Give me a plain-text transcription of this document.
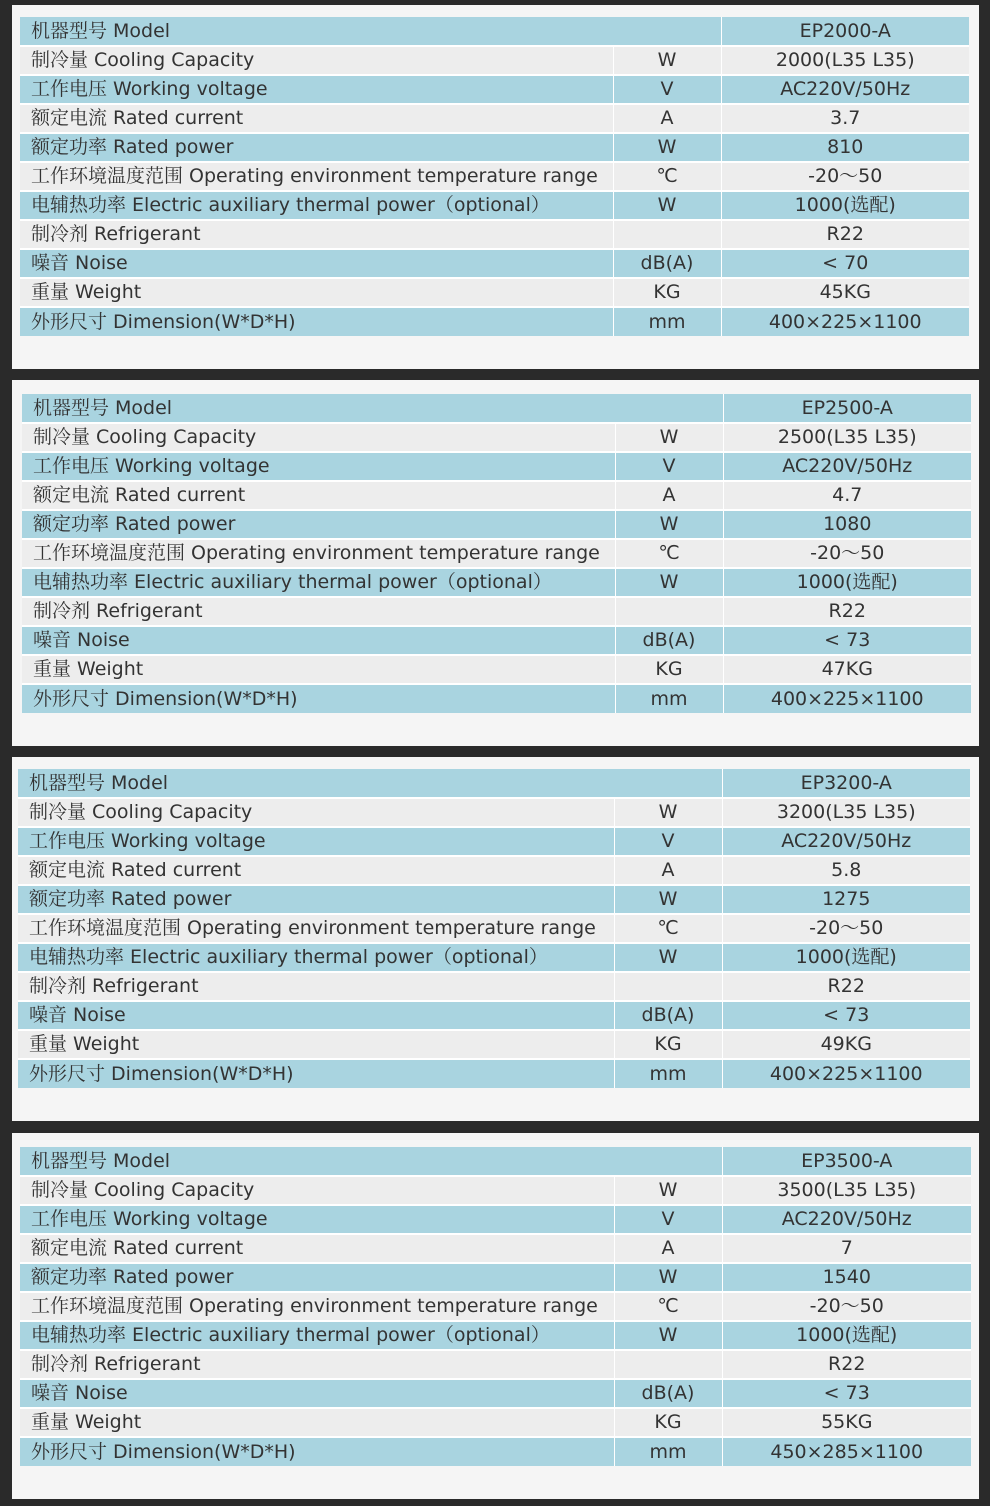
机器型号 Model		EP2000-A
制冷量 Cooling Capacity	W	2000(L35 L35)
工作电压 Working voltage	V	AC220V/50Hz
额定电流 Rated current	A	3.7
额定功率 Rated power	W	810
工作环境温度范围 Operating environment temperature range	℃	-20～50
电辅热功率 Electric auxiliary thermal power（optional）	W	1000(选配)
制冷剂 Refrigerant		R22
噪音 Noise	dB(A)	< 70
重量 Weight	KG	45KG
外形尺寸 Dimension(W*D*H)	mm	400×225×1100
机器型号 Model		EP2500-A
制冷量 Cooling Capacity	W	2500(L35 L35)
工作电压 Working voltage	V	AC220V/50Hz
额定电流 Rated current	A	4.7
额定功率 Rated power	W	1080
工作环境温度范围 Operating environment temperature range	℃	-20～50
电辅热功率 Electric auxiliary thermal power（optional）	W	1000(选配)
制冷剂 Refrigerant		R22
噪音 Noise	dB(A)	< 73
重量 Weight	KG	47KG
外形尺寸 Dimension(W*D*H)	mm	400×225×1100
机器型号 Model		EP3200-A
制冷量 Cooling Capacity	W	3200(L35 L35)
工作电压 Working voltage	V	AC220V/50Hz
额定电流 Rated current	A	5.8
额定功率 Rated power	W	1275
工作环境温度范围 Operating environment temperature range	℃	-20～50
电辅热功率 Electric auxiliary thermal power（optional）	W	1000(选配)
制冷剂 Refrigerant		R22
噪音 Noise	dB(A)	< 73
重量 Weight	KG	49KG
外形尺寸 Dimension(W*D*H)	mm	400×225×1100
机器型号 Model		EP3500-A
制冷量 Cooling Capacity	W	3500(L35 L35)
工作电压 Working voltage	V	AC220V/50Hz
额定电流 Rated current	A	7
额定功率 Rated power	W	1540
工作环境温度范围 Operating environment temperature range	℃	-20～50
电辅热功率 Electric auxiliary thermal power（optional）	W	1000(选配)
制冷剂 Refrigerant		R22
噪音 Noise	dB(A)	< 73
重量 Weight	KG	55KG
外形尺寸 Dimension(W*D*H)	mm	450×285×1100
